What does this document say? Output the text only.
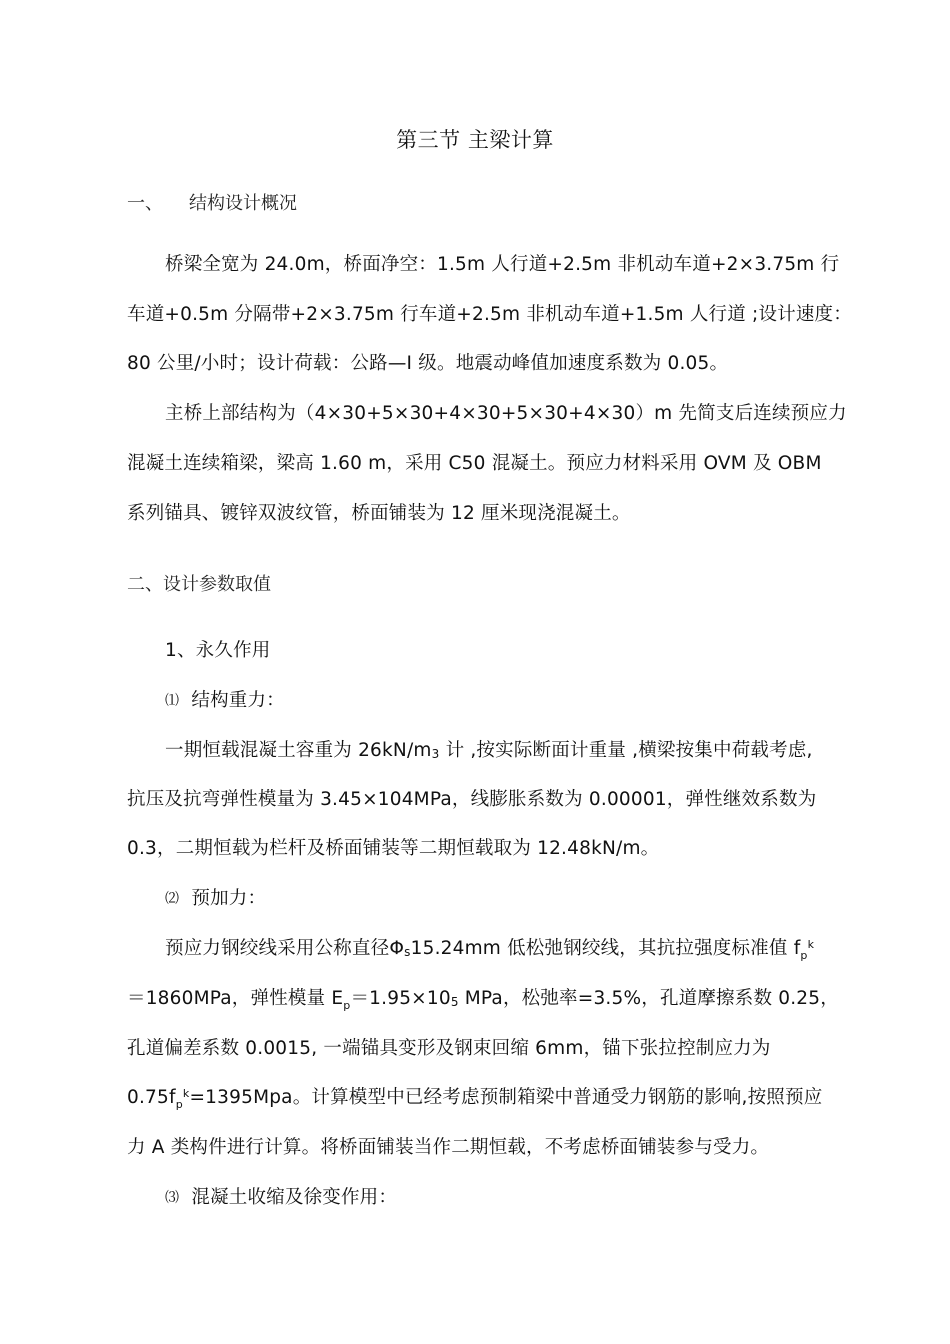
第三节 主梁计算
一、 结构设计概况
桥梁全宽为 24.0m，桥面净空：1.5m 人行道+2.5m 非机动车道+2×3.75m 行
车道+0.5m 分隔带+2×3.75m 行车道+2.5m 非机动车道+1.5m 人行道 ;设计速度：
80 公里/小时；设计荷载：公路—I 级。地震动峰值加速度系数为 0.05。
主桥上部结构为（4×30+5×30+4×30+5×30+4×30）m 先简支后连续预应力
混凝土连续箱梁，梁高 1.60 m，采用 C50 混凝土。预应力材料采用 OVM 及 OBM
系列锚具、镀锌双波纹管，桥面铺装为 12 厘米现浇混凝土。
二、设计参数取值
1、永久作用
⑴ 结构重力：
一期恒载混凝土容重为 26kN/m3 计 ,按实际断面计重量 ,横梁按集中荷载考虑,
抗压及抗弯弹性模量为 3.45×104MPa，线膨胀系数为 0.00001，弹性继效系数为
0.3，二期恒载为栏杆及桥面铺装等二期恒载取为 12.48kN/m。
⑵ 预加力：
预应力钢绞线采用公称直径Φs15.24mm 低松弛钢绞线，其抗拉强度标准值 $f_p^k$
＝1860MPa，弹性模量 $E_p=1.95\times 105$ MPa，松弛率=3.5%，孔道摩擦系数 0.25，
孔道偏差系数 0.0015, 一端锚具变形及钢束回缩 6mm，锚下张拉控制应力为
$0.75f_p^k=1395Mpa$。计算模型中已经考虑预制箱梁中普通受力钢筋的影响,按照预应
力 A 类构件进行计算。将桥面铺装当作二期恒载，不考虑桥面铺装参与受力。
⑶ 混凝土收缩及徐变作用：
